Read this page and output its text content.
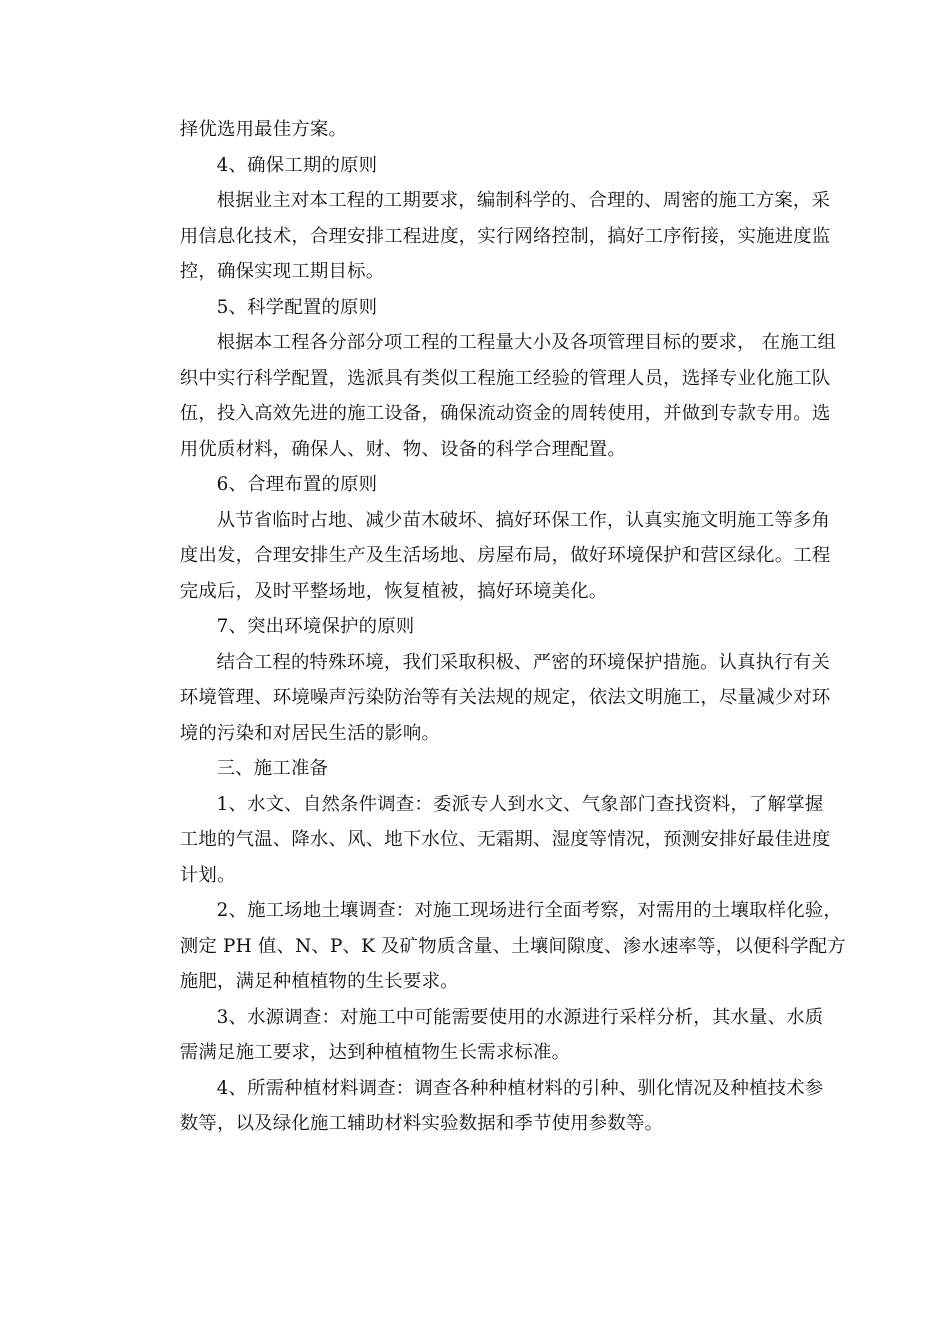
择优选用最佳方案。
4、确保工期的原则
根据业主对本工程的工期要求，编制科学的、合理的、周密的施工方案，采
用信息化技术，合理安排工程进度，实行网络控制，搞好工序衔接，实施进度监
控，确保实现工期目标。
5、科学配置的原则
根据本工程各分部分项工程的工程量大小及各项管理目标的要求， 在施工组
织中实行科学配置，选派具有类似工程施工经验的管理人员，选择专业化施工队
伍，投入高效先进的施工设备，确保流动资金的周转使用，并做到专款专用。选
用优质材料，确保人、财、物、设备的科学合理配置。
6、合理布置的原则
从节省临时占地、减少苗木破坏、搞好环保工作，认真实施文明施工等多角
度出发，合理安排生产及生活场地、房屋布局，做好环境保护和营区绿化。工程
完成后，及时平整场地，恢复植被，搞好环境美化。
7、突出环境保护的原则
结合工程的特殊环境，我们采取积极、严密的环境保护措施。认真执行有关
环境管理、环境噪声污染防治等有关法规的规定，依法文明施工，尽量减少对环
境的污染和对居民生活的影响。
三、施工准备
1、水文、自然条件调查：委派专人到水文、气象部门查找资料，了解掌握
工地的气温、降水、风、地下水位、无霜期、湿度等情况，预测安排好最佳进度
计划。
2、施工场地土壤调查：对施工现场进行全面考察，对需用的土壤取样化验，
测定 PH 值、N、P、K 及矿物质含量、土壤间隙度、渗水速率等，以便科学配方
施肥，满足种植植物的生长要求。
3、水源调查：对施工中可能需要使用的水源进行采样分析，其水量、水质
需满足施工要求，达到种植植物生长需求标准。
4、所需种植材料调查：调查各种种植材料的引种、驯化情况及种植技术参
数等，以及绿化施工辅助材料实验数据和季节使用参数等。
